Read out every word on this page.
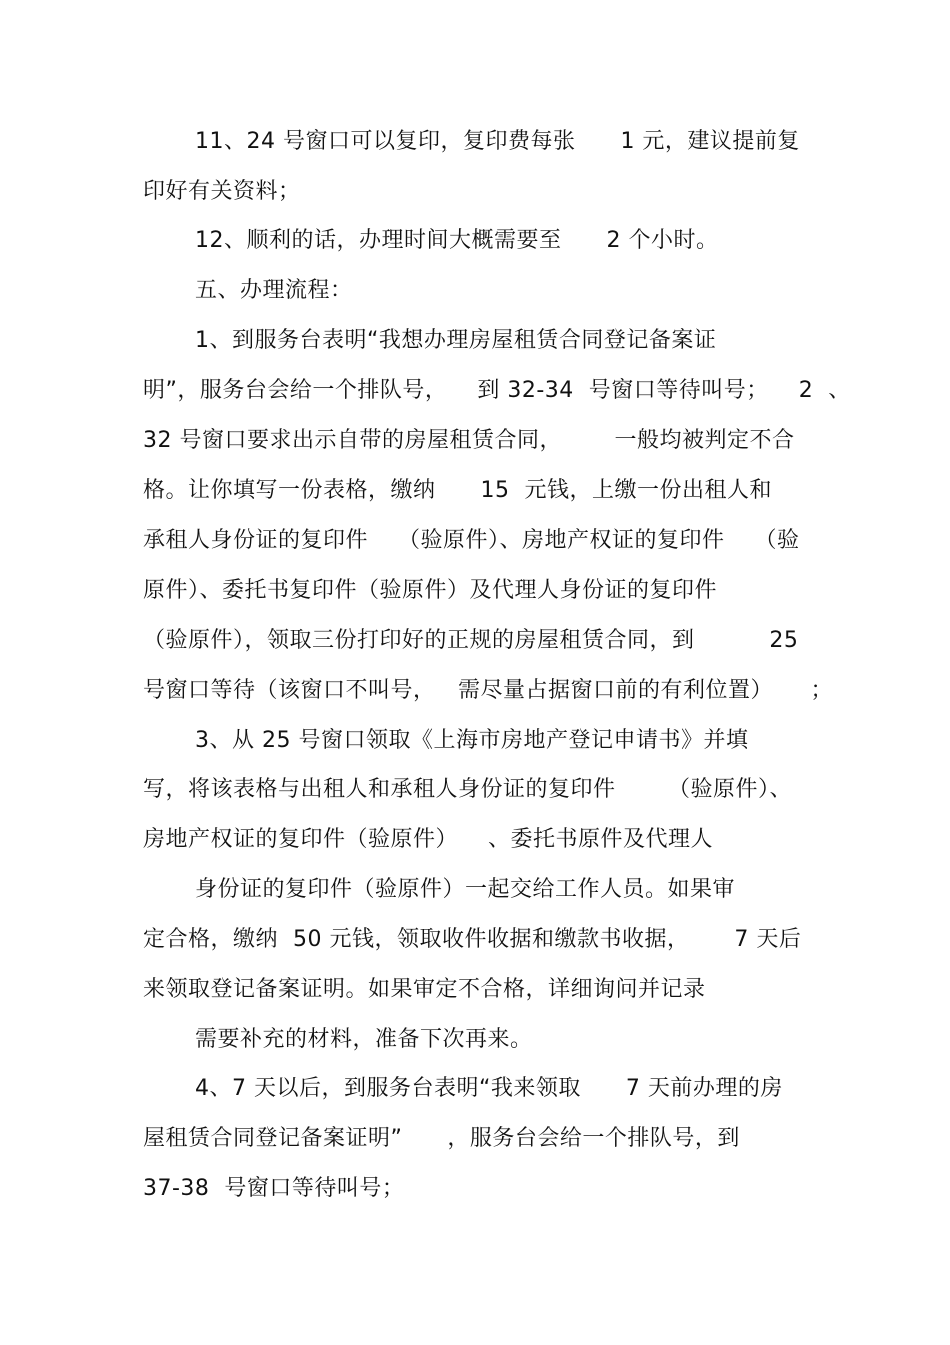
11、24 号窗口可以复印，复印费每张      1 元，建议提前复
印好有关资料；
12、顺利的话，办理时间大概需要至      2 个小时。
五、办理流程：
1、到服务台表明“我想办理房屋租赁合同登记备案证
明”，服务台会给一个排队号，    到 32-34  号窗口等待叫号；    2  、
32 号窗口要求出示自带的房屋租赁合同，       一般均被判定不合
格。让你填写一份表格，缴纳      15  元钱，上缴一份出租人和
承租人身份证的复印件    （验原件）、房地产权证的复印件    （验
原件）、委托书复印件（验原件）及代理人身份证的复印件
（验原件），领取三份打印好的正规的房屋租赁合同，到          25
号窗口等待（该窗口不叫号，   需尽量占据窗口前的有利位置）     ；
3、从 25 号窗口领取《上海市房地产登记申请书》并填
写，将该表格与出租人和承租人身份证的复印件       （验原件）、
房地产权证的复印件（验原件）    、委托书原件及代理人
身份证的复印件（验原件）一起交给工作人员。如果审
定合格，缴纳  50 元钱，领取收件收据和缴款书收据，      7 天后
来领取登记备案证明。如果审定不合格，详细询问并记录
需要补充的材料，准备下次再来。
4、7 天以后，到服务台表明“我来领取      7 天前办理的房
屋租赁合同登记备案证明”      ，服务台会给一个排队号，到
37-38  号窗口等待叫号；
